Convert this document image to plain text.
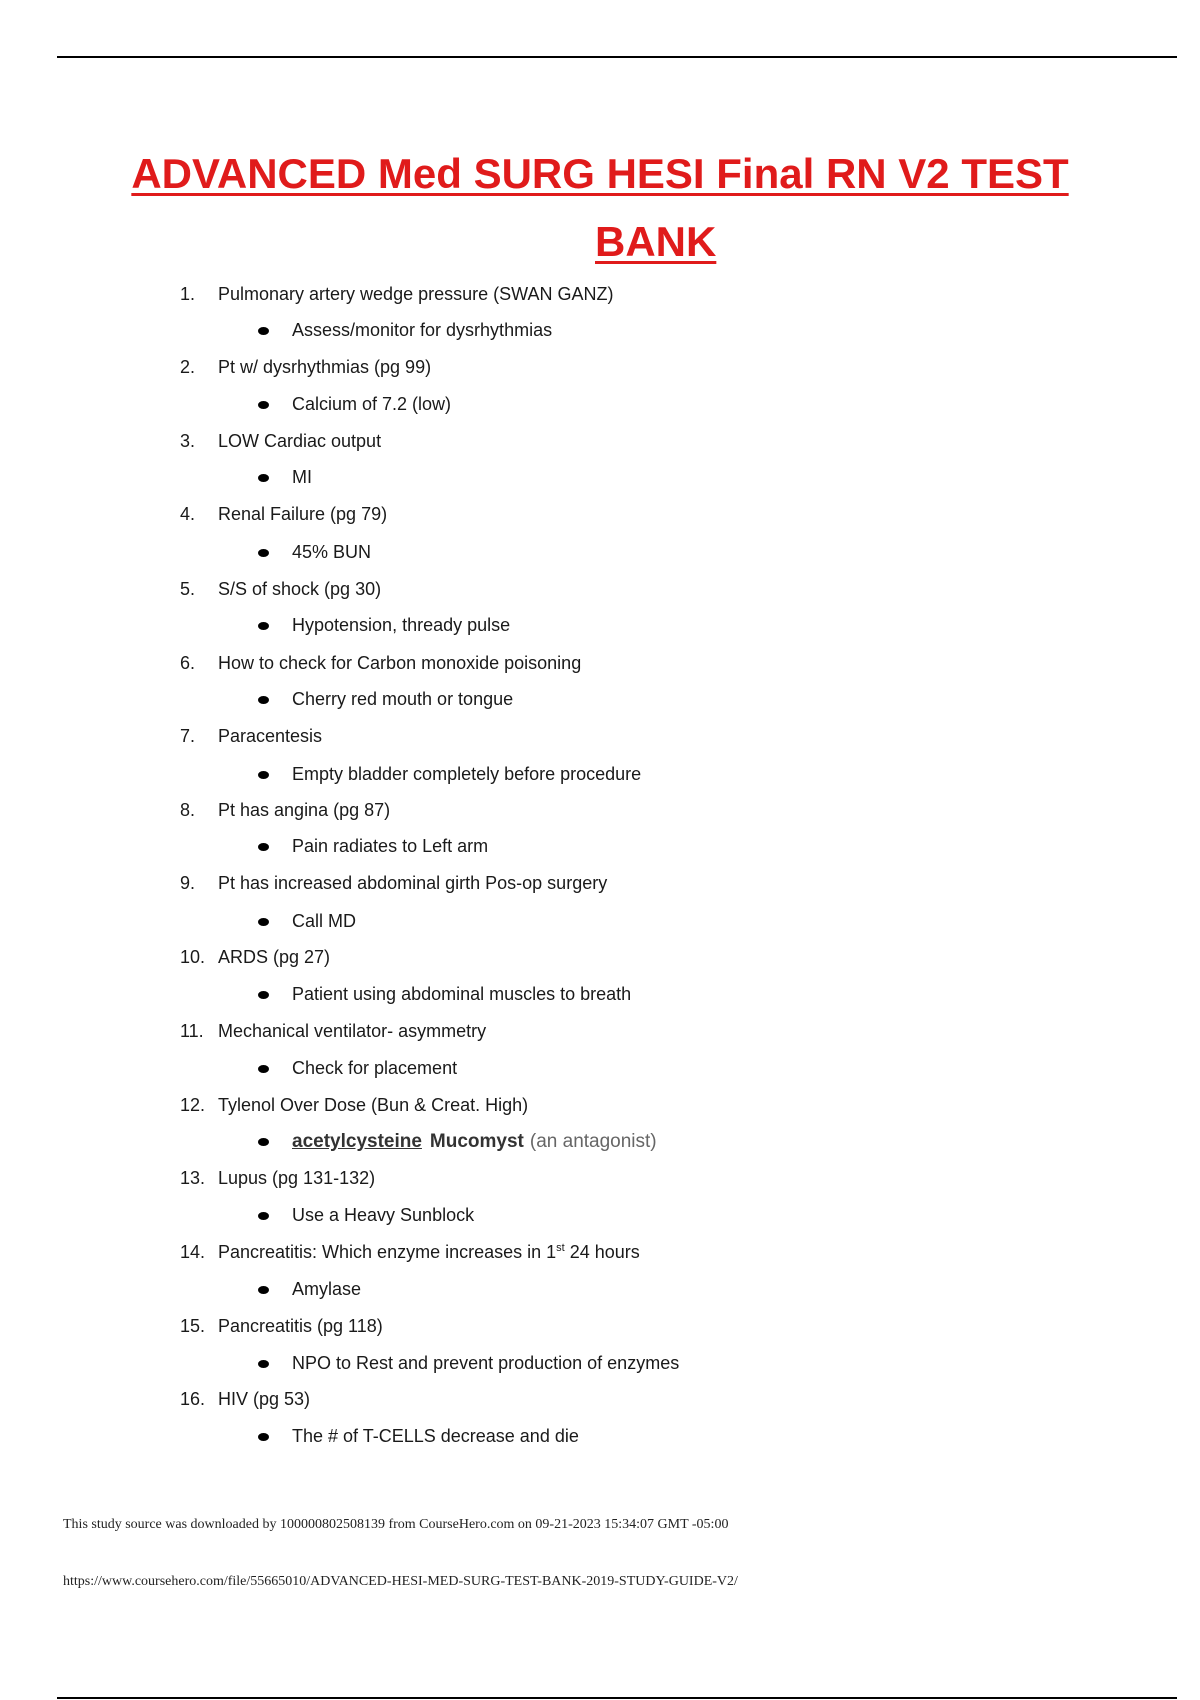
ADVANCED Med SURG HESI Final RN V2 TEST
BANK
1. Pulmonary artery wedge pressure (SWAN GANZ)
Assess/monitor for dysrhythmias
2. Pt w/ dysrhythmias (pg 99)
Calcium of 7.2 (low)
3. LOW Cardiac output
MI
4. Renal Failure (pg 79)
45% BUN
5. S/S of shock (pg 30)
Hypotension, thready pulse
6. How to check for Carbon monoxide poisoning
Cherry red mouth or tongue
7. Paracentesis
Empty bladder completely before procedure
8. Pt has angina (pg 87)
Pain radiates to Left arm
9. Pt has increased abdominal girth Pos-op surgery
Call MD
10. ARDS (pg 27)
Patient using abdominal muscles to breath
11. Mechanical ventilator- asymmetry
Check for placement
12. Tylenol Over Dose (Bun & Creat. High)
acetylcysteine Mucomyst (an antagonist)
13. Lupus (pg 131-132)
Use a Heavy Sunblock
14. Pancreatitis: Which enzyme increases in 1st 24 hours
Amylase
15. Pancreatitis (pg 118)
NPO to Rest and prevent production of enzymes
16. HIV (pg 53)
The # of T-CELLS decrease and die
This study source was downloaded by 100000802508139 from CourseHero.com on 09-21-2023 15:34:07 GMT -05:00
https://www.coursehero.com/file/55665010/ADVANCED-HESI-MED-SURG-TEST-BANK-2019-STUDY-GUIDE-V2/
